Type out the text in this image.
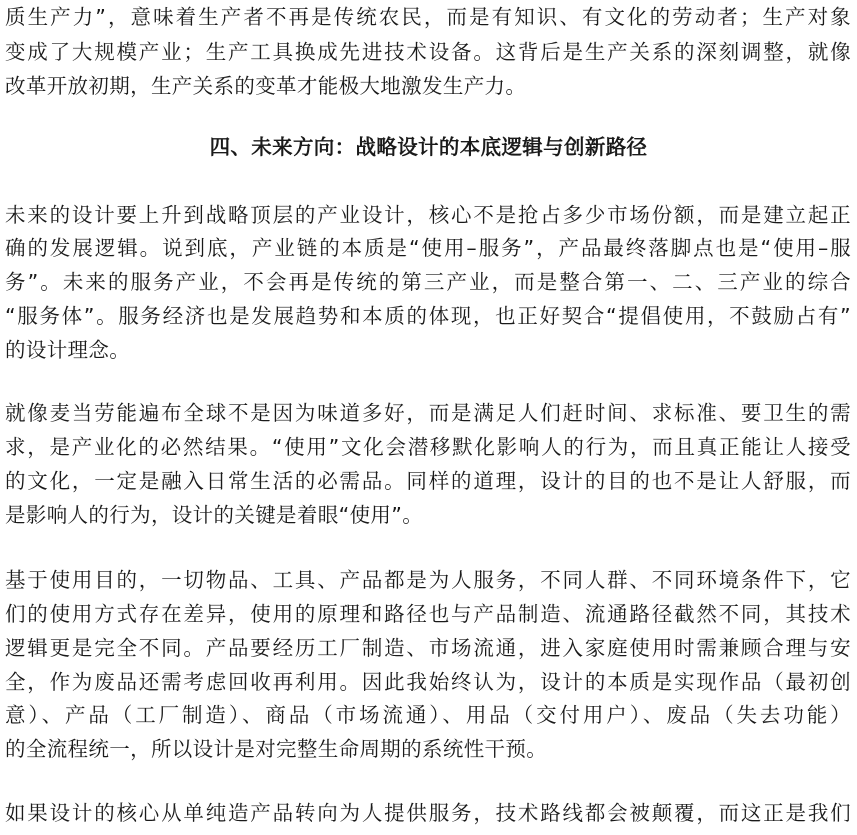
质生产力”，意味着生产者不再是传统农民，而是有知识、有文化的劳动者；生产对象
变成了大规模产业；生产工具换成先进技术设备。这背后是生产关系的深刻调整，就像
改革开放初期，生产关系的变革才能极大地激发生产力。
四、未来方向：战略设计的本底逻辑与创新路径
未来的设计要上升到战略顶层的产业设计，核心不是抢占多少市场份额，而是建立起正
确的发展逻辑。说到底，产业链的本质是“使用–服务”，产品最终落脚点也是“使用–服
务”。未来的服务产业，不会再是传统的第三产业，而是整合第一、二、三产业的综合
“服务体”。服务经济也是发展趋势和本质的体现，也正好契合“提倡使用，不鼓励占有”
的设计理念。
就像麦当劳能遍布全球不是因为味道多好，而是满足人们赶时间、求标准、要卫生的需
求，是产业化的必然结果。“使用”文化会潜移默化影响人的行为，而且真正能让人接受
的文化，一定是融入日常生活的必需品。同样的道理，设计的目的也不是让人舒服，而
是影响人的行为，设计的关键是着眼“使用”。
基于使用目的，一切物品、工具、产品都是为人服务，不同人群、不同环境条件下，它
们的使用方式存在差异，使用的原理和路径也与产品制造、流通路径截然不同，其技术
逻辑更是完全不同。产品要经历工厂制造、市场流通，进入家庭使用时需兼顾合理与安
全，作为废品还需考虑回收再利用。因此我始终认为，设计的本质是实现作品（最初创
意）、产品（工厂制造）、商品（市场流通）、用品（交付用户）、废品（失去功能）
的全流程统一，所以设计是对完整生命周期的系统性干预。
如果设计的核心从单纯造产品转向为人提供服务，技术路线都会被颠覆，而这正是我们
